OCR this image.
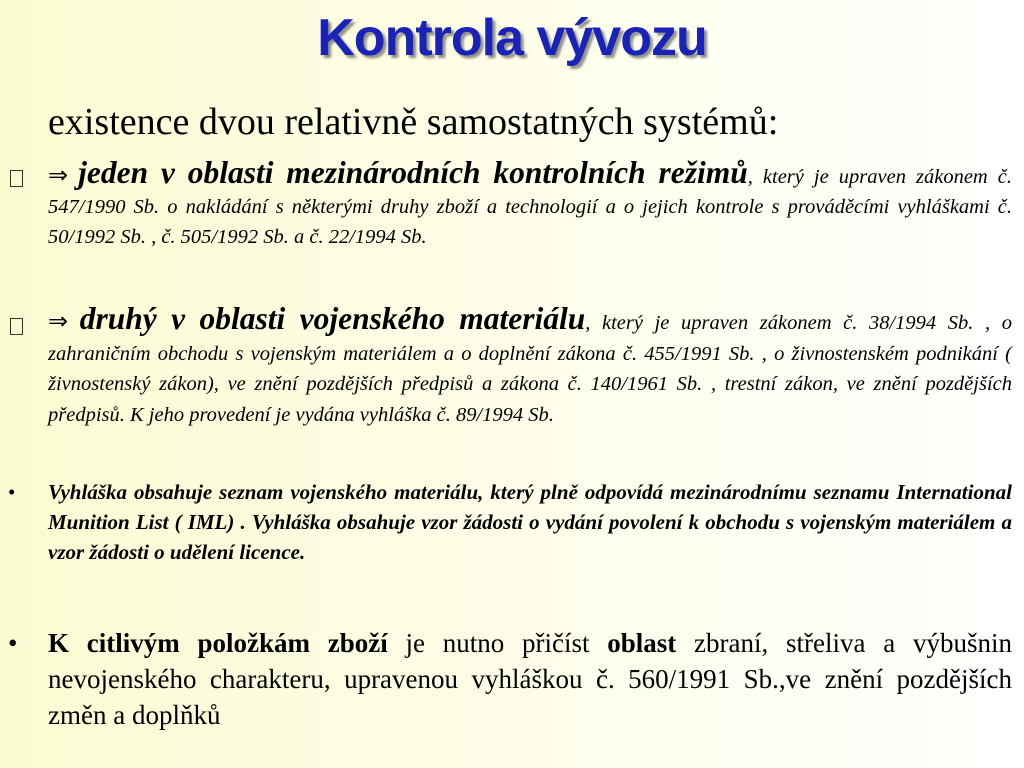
Kontrola vývozu
existence dvou relativně samostatných systémů:
⇒ jeden v oblasti mezinárodních kontrolních režimů, který je upraven zákonem č. 547/1990 Sb. o nakládání s některými druhy zboží a technologií a o jejich kontrole s prováděcími vyhláškami č. 50/1992 Sb. , č. 505/1992 Sb. a č. 22/1994 Sb.
⇒ druhý v oblasti vojenského materiálu, který je upraven zákonem č. 38/1994 Sb. , o zahraničním obchodu s vojenským materiálem a o doplnění zákona č. 455/1991 Sb. , o živnostenském podnikání ( živnostenský zákon), ve znění pozdějších předpisů a zákona č. 140/1961 Sb. , trestní zákon, ve znění pozdějších předpisů. K jeho provedení je vydána vyhláška č. 89/1994 Sb.
• Vyhláška obsahuje seznam vojenského materiálu, který plně odpovídá mezinárodnímu seznamu International Munition List ( IML) . Vyhláška obsahuje vzor žádosti o vydání povolení k obchodu s vojenským materiálem a vzor žádosti o udělení licence.
• K citlivým položkám zboží je nutno přičíst oblast zbraní, střeliva a výbušnin nevojenského charakteru, upravenou vyhláškou č. 560/1991 Sb.,ve znění pozdějších změn a doplňků
